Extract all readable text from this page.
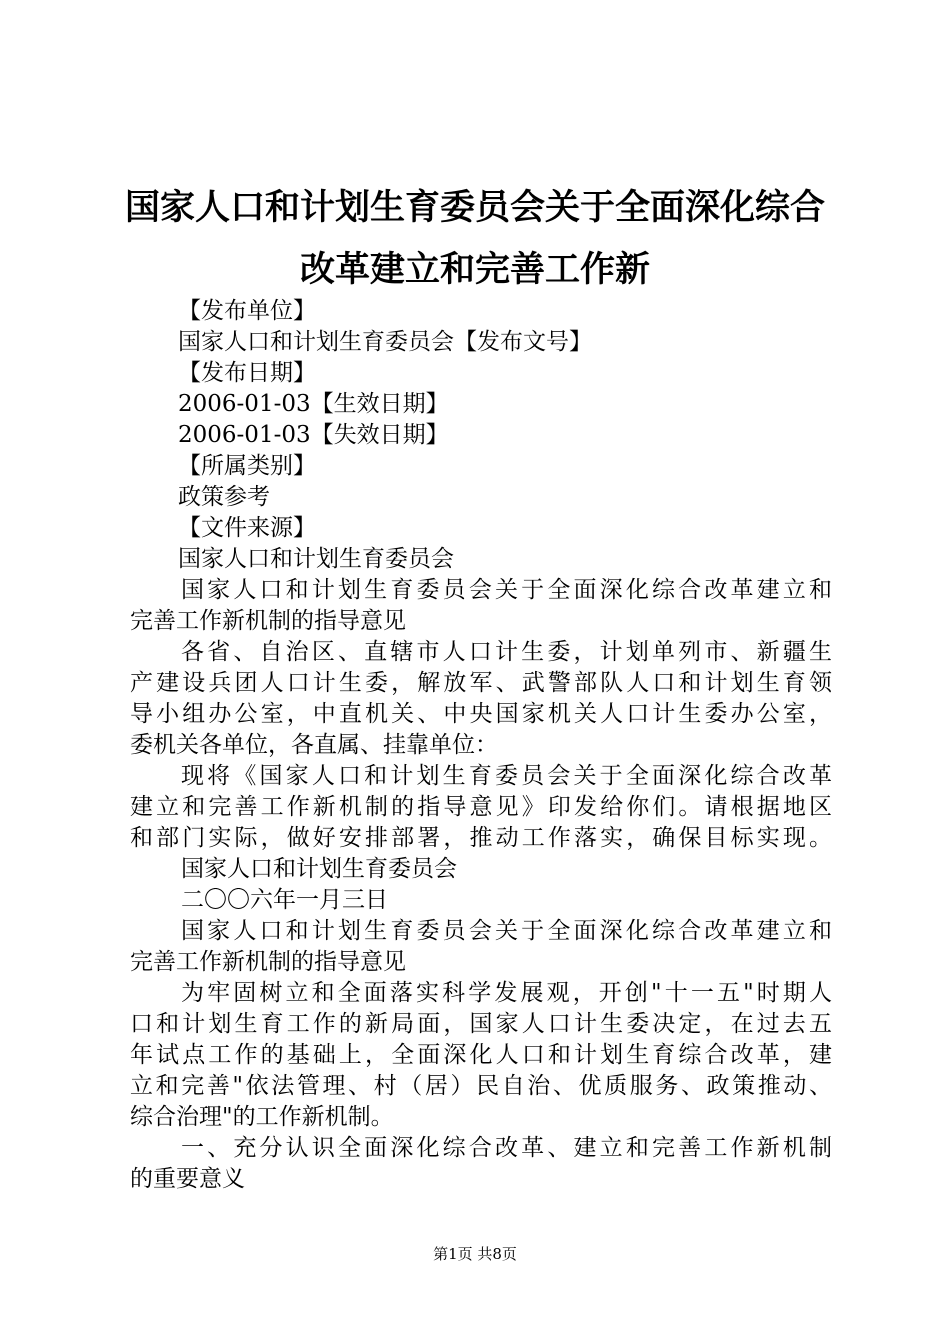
国家人口和计划生育委员会关于全面深化综合
改革建立和完善工作新
【发布单位】
国家人口和计划生育委员会【发布文号】
【发布日期】
2006-01-03【生效日期】
2006-01-03【失效日期】
【所属类别】
政策参考
【文件来源】
国家人口和计划生育委员会
国家人口和计划生育委员会关于全面深化综合改革建立和
完善工作新机制的指导意见
各省、自治区、直辖市人口计生委，计划单列市、新疆生
产建设兵团人口计生委，解放军、武警部队人口和计划生育领
导小组办公室，中直机关、中央国家机关人口计生委办公室，
委机关各单位，各直属、挂靠单位：
现将《国家人口和计划生育委员会关于全面深化综合改革
建立和完善工作新机制的指导意见》印发给你们。请根据地区
和部门实际，做好安排部署，推动工作落实，确保目标实现。
国家人口和计划生育委员会
二〇〇六年一月三日
国家人口和计划生育委员会关于全面深化综合改革建立和
完善工作新机制的指导意见
为牢固树立和全面落实科学发展观，开创"十一五"时期人
口和计划生育工作的新局面，国家人口计生委决定，在过去五
年试点工作的基础上，全面深化人口和计划生育综合改革，建
立和完善"依法管理、村（居）民自治、优质服务、政策推动、
综合治理"的工作新机制。
一、充分认识全面深化综合改革、建立和完善工作新机制
的重要意义
第1页 共8页
